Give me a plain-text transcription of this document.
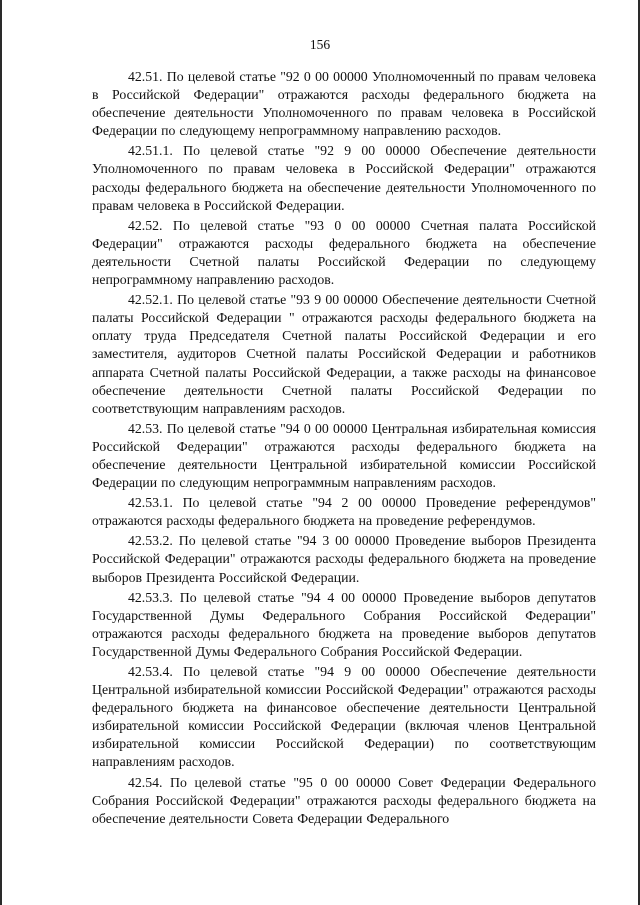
156

42.51. По целевой статье "92 0 00 00000 Уполномоченный по правам человека в Российской Федерации" отражаются расходы федерального бюджета на обеспечение деятельности Уполномоченного по правам человека в Российской Федерации по следующему непрограммному направлению расходов.

42.51.1. По целевой статье "92 9 00 00000 Обеспечение деятельности Уполномоченного по правам человека в Российской Федерации" отражаются расходы федерального бюджета на обеспечение деятельности Уполномоченного по правам человека в Российской Федерации.

42.52. По целевой статье "93 0 00 00000 Счетная палата Российской Федерации" отражаются расходы федерального бюджета на обеспечение деятельности Счетной палаты Российской Федерации по следующему непрограммному направлению расходов.

42.52.1. По целевой статье "93 9 00 00000 Обеспечение деятельности Счетной палаты Российской Федерации " отражаются расходы федерального бюджета на оплату труда Председателя Счетной палаты Российской Федерации и его заместителя, аудиторов Счетной палаты Российской Федерации и работников аппарата Счетной палаты Российской Федерации, а также расходы на финансовое обеспечение деятельности Счетной палаты Российской Федерации по соответствующим направлениям расходов.

42.53. По целевой статье "94 0 00 00000 Центральная избирательная комиссия Российской Федерации" отражаются расходы федерального бюджета на обеспечение деятельности Центральной избирательной комиссии Российской Федерации по следующим непрограммным направлениям расходов.

42.53.1. По целевой статье "94 2 00 00000 Проведение референдумов" отражаются расходы федерального бюджета на проведение референдумов.

42.53.2. По целевой статье "94 3 00 00000 Проведение выборов Президента Российской Федерации" отражаются расходы федерального бюджета на проведение выборов Президента Российской Федерации.

42.53.3. По целевой статье "94 4 00 00000 Проведение выборов депутатов Государственной Думы Федерального Собрания Российской Федерации" отражаются расходы федерального бюджета на проведение выборов депутатов Государственной Думы Федерального Собрания Российской Федерации.

42.53.4. По целевой статье "94 9 00 00000 Обеспечение деятельности Центральной избирательной комиссии Российской Федерации" отражаются расходы федерального бюджета на финансовое обеспечение деятельности Центральной избирательной комиссии Российской Федерации (включая членов Центральной избирательной комиссии Российской Федерации) по соответствующим направлениям расходов.

42.54. По целевой статье "95 0 00 00000 Совет Федерации Федерального Собрания Российской Федерации" отражаются расходы федерального бюджета на обеспечение деятельности Совета Федерации Федерального
